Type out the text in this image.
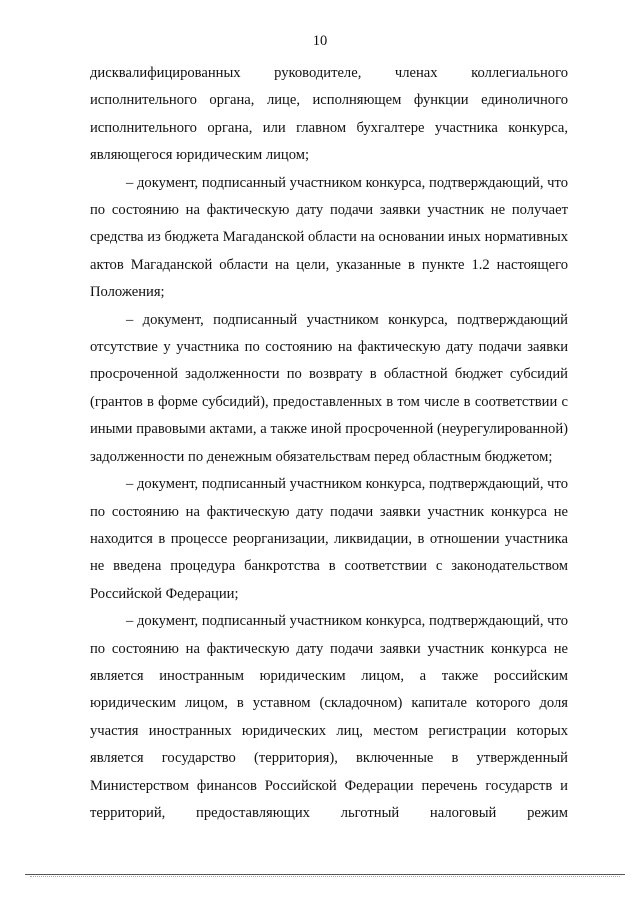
10

дисквалифицированных руководителе, членах коллегиального исполнительного органа, лице, исполняющем функции единоличного исполнительного органа, или главном бухгалтере участника конкурса, являющегося юридическим лицом;

– документ, подписанный участником конкурса, подтверждающий, что по состоянию на фактическую дату подачи заявки участник не получает средства из бюджета Магаданской области на основании иных нормативных актов Магаданской области на цели, указанные в пункте 1.2 настоящего Положения;

– документ, подписанный участником конкурса, подтверждающий отсутствие у участника по состоянию на фактическую дату подачи заявки просроченной задолженности по возврату в областной бюджет субсидий (грантов в форме субсидий), предоставленных в том числе в соответствии с иными правовыми актами, а также иной просроченной (неурегулированной) задолженности по денежным обязательствам перед областным бюджетом;

– документ, подписанный участником конкурса, подтверждающий, что по состоянию на фактическую дату подачи заявки участник конкурса не находится в процессе реорганизации, ликвидации, в отношении участника не введена процедура банкротства в соответствии с законодательством Российской Федерации;

– документ, подписанный участником конкурса, подтверждающий, что по состоянию на фактическую дату подачи заявки участник конкурса не является иностранным юридическим лицом, а также российским юридическим лицом, в уставном (складочном) капитале которого доля участия иностранных юридических лиц, местом регистрации которых является государство (территория), включенные в утвержденный Министерством финансов Российской Федерации перечень государств и территорий, предоставляющих льготный налоговый режим
